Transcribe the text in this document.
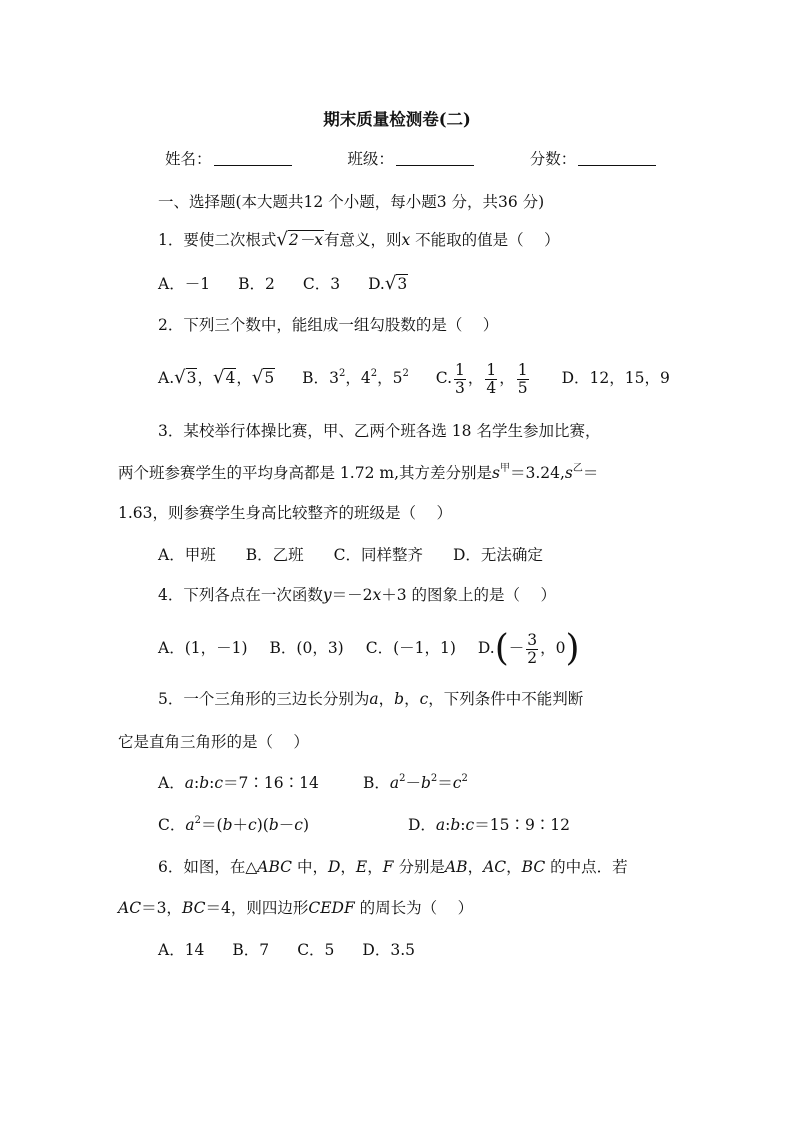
期末质量检测卷(二)
姓名：	班级：	分数：
一、选择题(本大题共12 个小题，每小题3 分，共36 分)
1．要使二次根式√2－x有意义，则x 不能取的值是（　 ）
A．－1 B．2 C．3 D.√3
2．下列三个数中，能组成一组勾股数的是（　 ）
A.√3，√4，√5 B．$3^2$，$4^2$，$5^2$ C. $\frac{1}{3}$ ， $\frac{1}{4}$ ， $\frac{1}{5}$ D．12，15，9
3．某校举行体操比赛，甲、乙两个班各选 18 名学生参加比赛，
两个班参赛学生的平均身高都是 1.72 m,其方差分别是$s^甲=3.24,s^乙=$
1.63，则参赛学生身高比较整齐的班级是（　 ）
A．甲班 B．乙班 C．同样整齐 D．无法确定
4．下列各点在一次函数y＝－2x＋3 的图象上的是（　 ）
A．(1，－1) B．(0，3) C．(－1，1) $D.(- \frac{3}{2}$ ，0)
5．一个三角形的三边长分别为a，b，c，下列条件中不能判断
它是直角三角形的是（　 ）
A．a:b:c＝7∶16∶14	B．$a^2-b^2=c^2$
C．$a^2=(b+c)(b-c)$	D．a:b:c＝15∶9∶12
6．如图，在△ABC 中，D，E，F 分别是AB，AC，BC 的中点．若
AC＝3，BC＝4，则四边形CEDF 的周长为（　 ）
A．14 B．7 C．5 D．3.5
